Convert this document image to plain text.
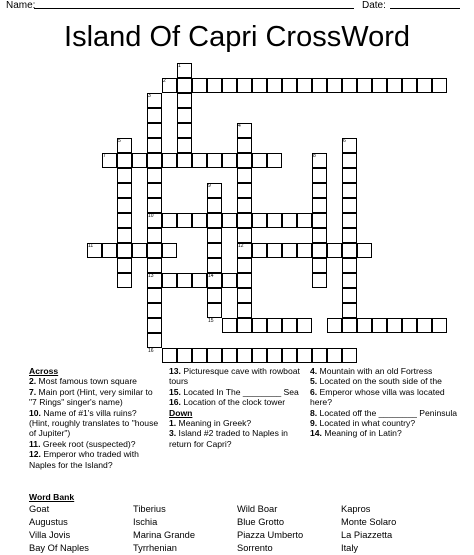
Name:	Date:
Island Of Capri CrossWord
1
2
3
4
5	6
7	8
9
10
11	12
13	14
15
16
Across
2. Most famous town square
7. Main port (Hint, very similar to "7 Rings" singer's name)
10. Name of #1's villa ruins? (Hint, roughly translates to "house of Jupiter")
11. Greek root (suspected)?
12. Emperor who traded with Naples for the Island?
13. Picturesque cave with rowboat tours
15. Located In The ________ Sea
16. Location of the clock tower
Down
1. Meaning in Greek?
3. Island #2 traded to Naples in return for Capri?
4. Mountain with an old Fortress
5. Located on the south side of the
6. Emperor whose villa was located here?
8. Located off the ________ Peninsula
9. Located in what country?
14. Meaning of in Latin?
Word Bank
Goat
Augustus
Villa Jovis
Bay Of Naples
Tiberius
Ischia
Marina Grande
Tyrrhenian
Wild Boar
Blue Grotto
Piazza Umberto
Sorrento
Kapros
Monte Solaro
La Piazzetta
Italy
